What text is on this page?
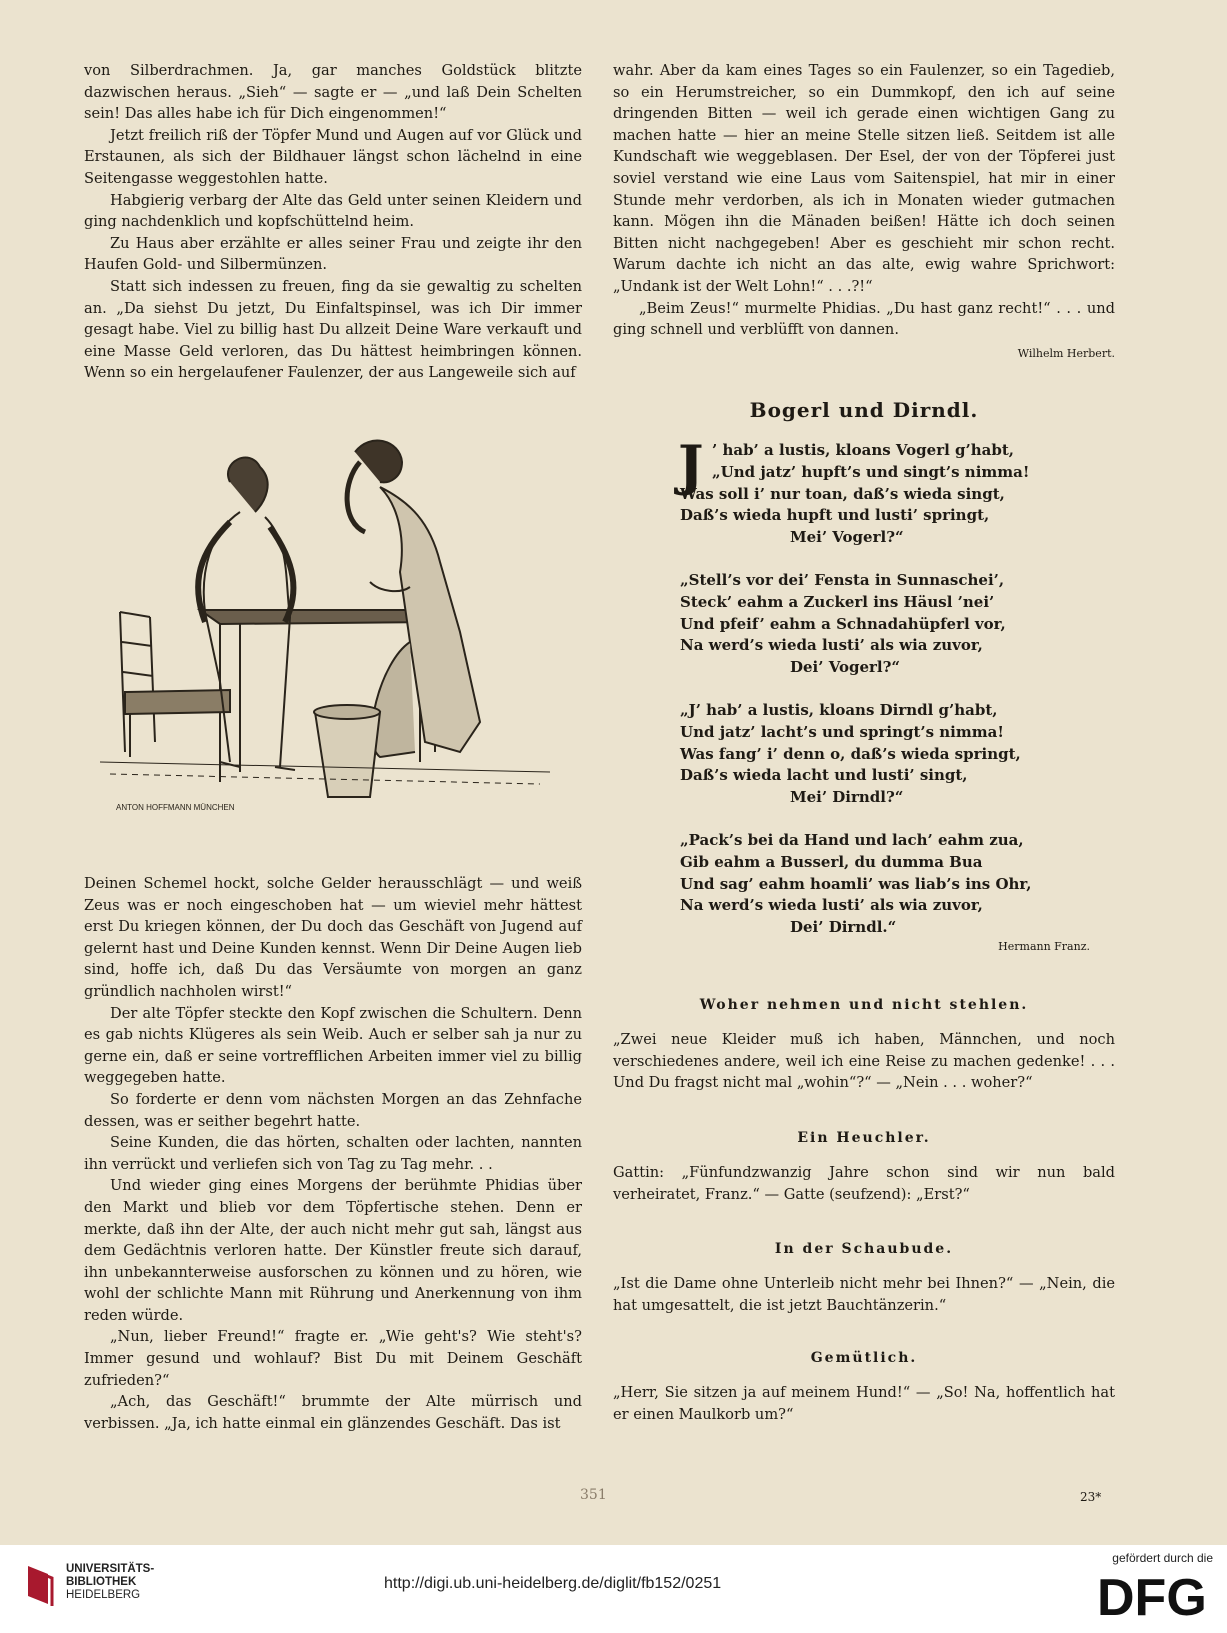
von Silberdrachmen. Ja, gar manches Goldstück blitzte dazwischen heraus. „Sieh“ — sagte er — „und laß Dein Schelten sein! Das alles habe ich für Dich eingenommen!“

Jetzt freilich riß der Töpfer Mund und Augen auf vor Glück und Erstaunen, als sich der Bildhauer längst schon lächelnd in eine Seitengasse weggestohlen hatte.

Habgierig verbarg der Alte das Geld unter seinen Kleidern und ging nachdenklich und kopfschüttelnd heim.

Zu Haus aber erzählte er alles seiner Frau und zeigte ihr den Haufen Gold- und Silbermünzen.

Statt sich indessen zu freuen, fing da sie gewaltig zu schelten an. „Da siehst Du jetzt, Du Einfaltspinsel, was ich Dir immer gesagt habe. Viel zu billig hast Du allzeit Deine Ware verkauft und eine Masse Geld verloren, das Du hättest heimbringen können. Wenn so ein hergelaufener Faulenzer, der aus Langeweile sich auf

ANTON HOFFMANN MÜNCHEN

Deinen Schemel hockt, solche Gelder herausschlägt — und weiß Zeus was er noch eingeschoben hat — um wieviel mehr hättest erst Du kriegen können, der Du doch das Geschäft von Jugend auf gelernt hast und Deine Kunden kennst. Wenn Dir Deine Augen lieb sind, hoffe ich, daß Du das Versäumte von morgen an ganz gründlich nachholen wirst!“

Der alte Töpfer steckte den Kopf zwischen die Schultern. Denn es gab nichts Klügeres als sein Weib. Auch er selber sah ja nur zu gerne ein, daß er seine vortrefflichen Arbeiten immer viel zu billig weggegeben hatte.

So forderte er denn vom nächsten Morgen an das Zehnfache dessen, was er seither begehrt hatte.

Seine Kunden, die das hörten, schalten oder lachten, nannten ihn verrückt und verliefen sich von Tag zu Tag mehr. . .

Und wieder ging eines Morgens der berühmte Phidias über den Markt und blieb vor dem Töpfertische stehen. Denn er merkte, daß ihn der Alte, der auch nicht mehr gut sah, längst aus dem Gedächtnis verloren hatte. Der Künstler freute sich darauf, ihn unbekannterweise ausforschen zu können und zu hören, wie wohl der schlichte Mann mit Rührung und Anerkennung von ihm reden würde.

„Nun, lieber Freund!“ fragte er. „Wie geht's? Wie steht's? Immer gesund und wohlauf? Bist Du mit Deinem Geschäft zufrieden?“

„Ach, das Geschäft!“ brummte der Alte mürrisch und verbissen. „Ja, ich hatte einmal ein glänzendes Geschäft. Das ist

wahr. Aber da kam eines Tages so ein Faulenzer, so ein Tagedieb, so ein Herumstreicher, so ein Dummkopf, den ich auf seine dringenden Bitten — weil ich gerade einen wichtigen Gang zu machen hatte — hier an meine Stelle sitzen ließ. Seitdem ist alle Kundschaft wie weggeblasen. Der Esel, der von der Töpferei just soviel verstand wie eine Laus vom Saitenspiel, hat mir in einer Stunde mehr verdorben, als ich in Monaten wieder gutmachen kann. Mögen ihn die Mänaden beißen! Hätte ich doch seinen Bitten nicht nachgegeben! Aber es geschieht mir schon recht. Warum dachte ich nicht an das alte, ewig wahre Sprichwort: „Undank ist der Welt Lohn!“ . . .?!“

„Beim Zeus!“ murmelte Phidias. „Du hast ganz recht!“ . . . und ging schnell und verblüfft von dannen.

Wilhelm Herbert.

Bogerl und Dirndl.
J ’ hab’ a lustis, kloans Vogerl g’habt,
„Und jatz’ hupft’s und singt’s nimma!
Was soll i’ nur toan, daß’s wieda singt,
Daß’s wieda hupft und lusti’ springt,
Mei’ Vogerl?“
„Stell’s vor dei’ Fensta in Sunnaschei’,
Steck’ eahm a Zuckerl ins Häusl ’nei’
Und pfeif’ eahm a Schnadahüpferl vor,
Na werd’s wieda lusti’ als wia zuvor,
Dei’ Vogerl?“
„J’ hab’ a lustis, kloans Dirndl g’habt,
Und jatz’ lacht’s und springt’s nimma!
Was fang’ i’ denn o, daß’s wieda springt,
Daß’s wieda lacht und lusti’ singt,
Mei’ Dirndl?“
„Pack’s bei da Hand und lach’ eahm zua,
Gib eahm a Busserl, du dumma Bua
Und sag’ eahm hoamli’ was liab’s ins Ohr,
Na werd’s wieda lusti’ als wia zuvor,
Dei’ Dirndl.“
Hermann Franz.
Woher nehmen und nicht stehlen.
„Zwei neue Kleider muß ich haben, Männchen, und noch verschiedenes andere, weil ich eine Reise zu machen gedenke! . . . Und Du fragst nicht mal „wohin“?“ — „Nein . . . woher?“
Ein Heuchler.
Gattin: „Fünfundzwanzig Jahre schon sind wir nun bald verheiratet, Franz.“ — Gatte (seufzend): „Erst?“
In der Schaubude.
„Ist die Dame ohne Unterleib nicht mehr bei Ihnen?“ — „Nein, die hat umgesattelt, die ist jetzt Bauchtänzerin.“
Gemütlich.
„Herr, Sie sitzen ja auf meinem Hund!“ — „So! Na, hoffentlich hat er einen Maulkorb um?“
351	23*
UNIVERSITÄTS-
BIBLIOTHEK
HEIDELBERG
http://digi.ub.uni-heidelberg.de/diglit/fb152/0251
gefördert durch die
DFG
